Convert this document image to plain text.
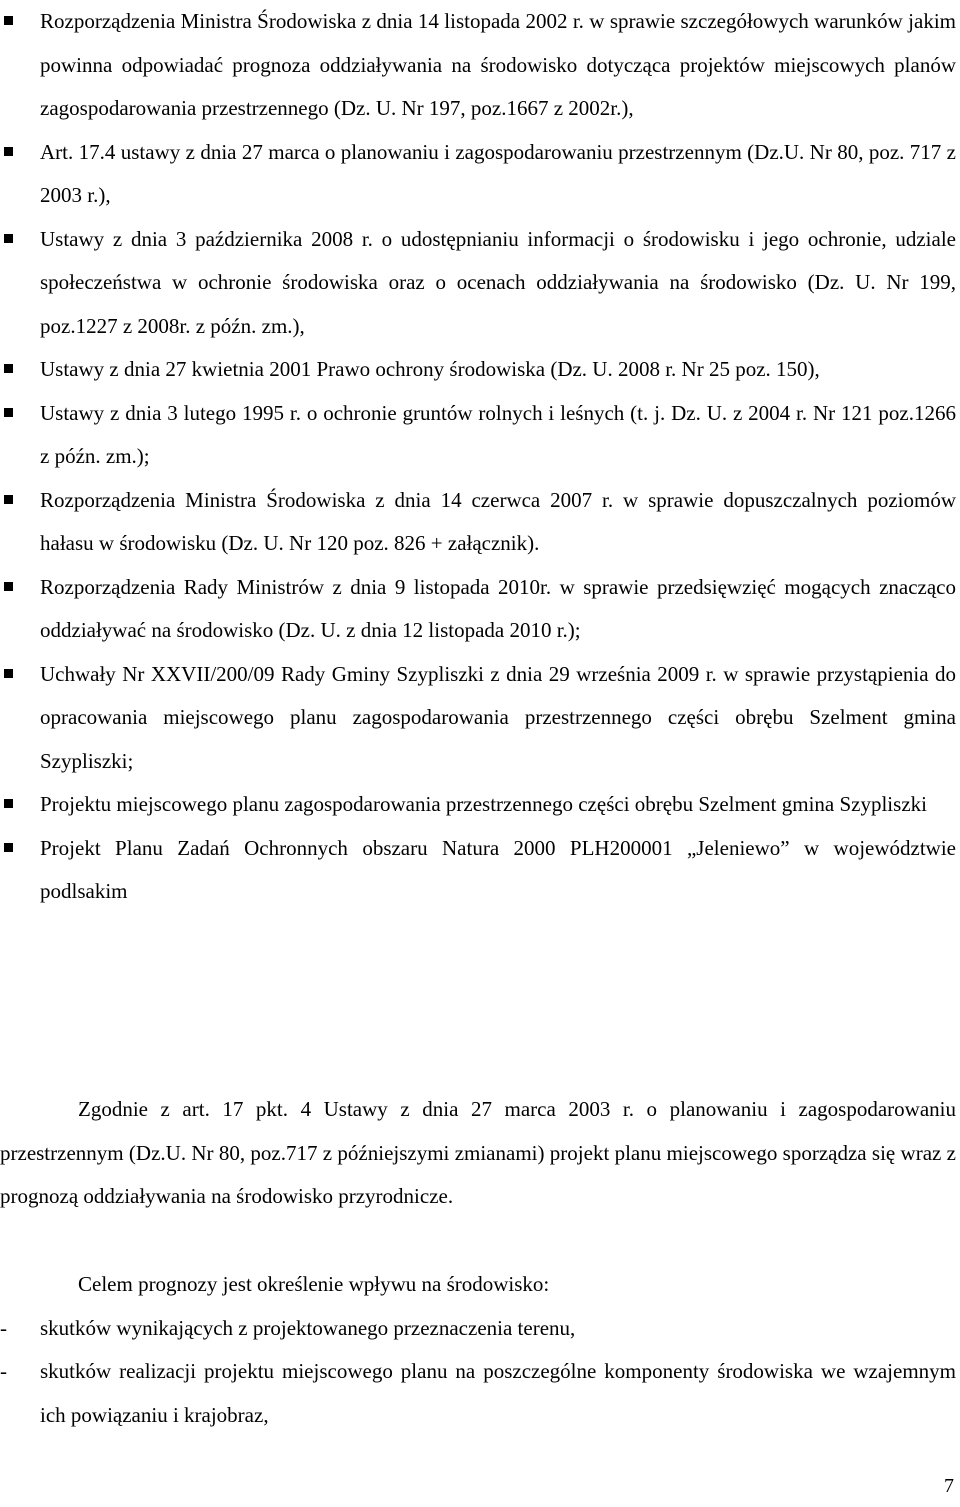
Rozporządzenia Ministra Środowiska z dnia 14 listopada 2002 r. w sprawie szczegółowych warunków jakim powinna odpowiadać prognoza oddziaływania na środowisko dotycząca projektów miejscowych planów zagospodarowania przestrzennego (Dz. U. Nr 197, poz.1667 z 2002r.),
Art. 17.4 ustawy z dnia 27 marca o planowaniu i zagospodarowaniu przestrzennym (Dz.U. Nr 80, poz. 717 z 2003 r.),
Ustawy z dnia 3 października 2008 r. o udostępnianiu informacji o środowisku i jego ochronie, udziale społeczeństwa w ochronie środowiska oraz o ocenach oddziaływania na środowisko (Dz. U. Nr 199, poz.1227 z 2008r. z późn. zm.),
Ustawy z dnia 27 kwietnia 2001 Prawo ochrony środowiska (Dz. U. 2008 r. Nr 25 poz. 150),
Ustawy z dnia 3 lutego 1995 r. o ochronie gruntów rolnych i leśnych (t. j. Dz. U. z 2004 r. Nr 121 poz.1266 z późn. zm.);
Rozporządzenia Ministra Środowiska z dnia 14 czerwca 2007 r. w sprawie dopuszczalnych poziomów hałasu w środowisku (Dz. U. Nr 120 poz. 826 + załącznik).
Rozporządzenia Rady Ministrów z dnia 9 listopada 2010r. w sprawie przedsięwzięć mogących znacząco oddziaływać na środowisko (Dz. U. z dnia 12 listopada 2010 r.);
Uchwały Nr XXVII/200/09 Rady Gminy Szypliszki z dnia 29 września 2009 r. w sprawie przystąpienia do opracowania miejscowego planu zagospodarowania przestrzennego części obrębu Szelment gmina Szypliszki;
Projektu miejscowego planu zagospodarowania przestrzennego części obrębu Szelment gmina Szypliszki
Projekt Planu Zadań Ochronnych obszaru Natura 2000 PLH200001 „Jeleniewo” w województwie podlsakim

Zgodnie z art. 17 pkt. 4 Ustawy z dnia 27 marca 2003 r. o planowaniu i zagospodarowaniu przestrzennym (Dz.U. Nr 80, poz.717 z późniejszymi zmianami) projekt planu miejscowego sporządza się wraz z prognozą oddziaływania na środowisko przyrodnicze.

Celem prognozy jest określenie wpływu na środowisko:

- skutków wynikających z projektowanego przeznaczenia terenu,
- skutków realizacji projektu miejscowego planu na poszczególne komponenty środowiska we wzajemnym ich powiązaniu i krajobraz,
7
